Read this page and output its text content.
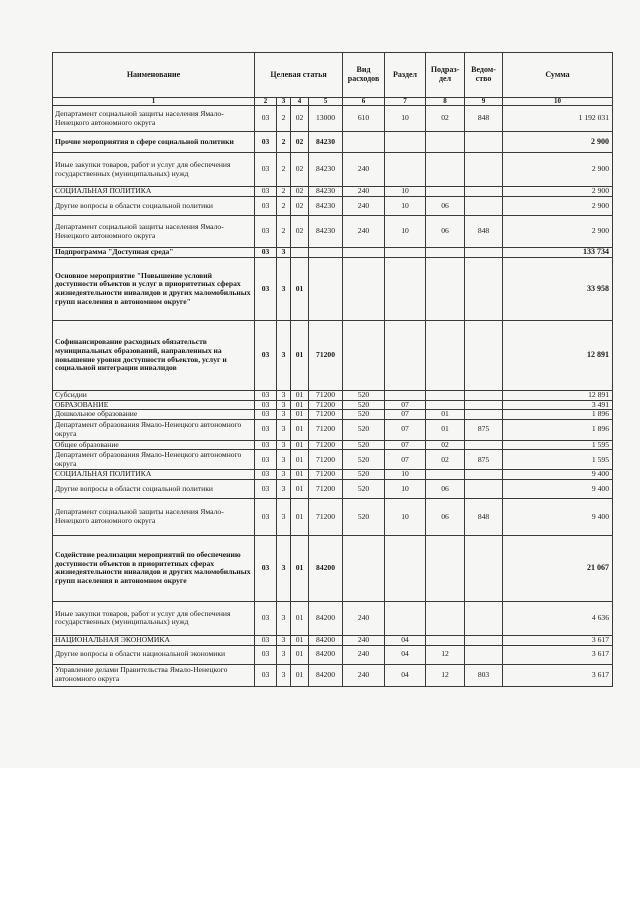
Наименование	Целевая статья				Вид расходов	Раздел	Подраз-дел	Ведом-ство	Сумма
1	2	3	4	5	6	7	8	9	10
Департамент социальной защиты населения Ямало-Ненецкого автономного округа	03	2	02	13000	610	10	02	848	1 192 031
Прочие мероприятия в сфере социальной политики	03	2	02	84230					2 900
Иные закупки товаров, работ и услуг для обеспечения государственных (муниципальных) нужд	03	2	02	84230	240				2 900
СОЦИАЛЬНАЯ ПОЛИТИКА	03	2	02	84230	240	10			2 900
Другие вопросы в области социальной политики	03	2	02	84230	240	10	06		2 900
Департамент социальной защиты населения Ямало-Ненецкого автономного округа	03	2	02	84230	240	10	06	848	2 900
Подпрограмма "Доступная среда"	03	3							133 734
Основное мероприятие "Повышение условий доступности объектов и услуг в приоритетных сферах жизнедеятельности инвалидов и других маломобильных групп населения в автономном округе"	03	3	01						33 958
Софинансирование расходных обязательств муниципальных образований, направленных на повышение уровня доступности объектов, услуг и социальной интеграции инвалидов	03	3	01	71200					12 891
Субсидии	03	3	01	71200	520				12 891
ОБРАЗОВАНИЕ	03	3	01	71200	520	07			3 491
Дошкольное образование	03	3	01	71200	520	07	01		1 896
Департамент образования Ямало-Ненецкого автономного округа	03	3	01	71200	520	07	01	875	1 896
Общее образование	03	3	01	71200	520	07	02		1 595
Департамент образования Ямало-Ненецкого автономного округа	03	3	01	71200	520	07	02	875	1 595
СОЦИАЛЬНАЯ ПОЛИТИКА	03	3	01	71200	520	10			9 400
Другие вопросы в области социальной политики	03	3	01	71200	520	10	06		9 400
Департамент социальной защиты населения Ямало-Ненецкого автономного округа	03	3	01	71200	520	10	06	848	9 400
Содействие реализации мероприятий по обеспечению доступности объектов в приоритетных сферах жизнедеятельности инвалидов и других маломобильных групп населения в автономном округе	03	3	01	84200					21 067
Иные закупки товаров, работ и услуг для обеспечения государственных (муниципальных) нужд	03	3	01	84200	240				4 636
НАЦИОНАЛЬНАЯ ЭКОНОМИКА	03	3	01	84200	240	04			3 617
Другие вопросы в области национальной экономики	03	3	01	84200	240	04	12		3 617
Управление делами Правительства Ямало-Ненецкого автономного округа	03	3	01	84200	240	04	12	803	3 617
